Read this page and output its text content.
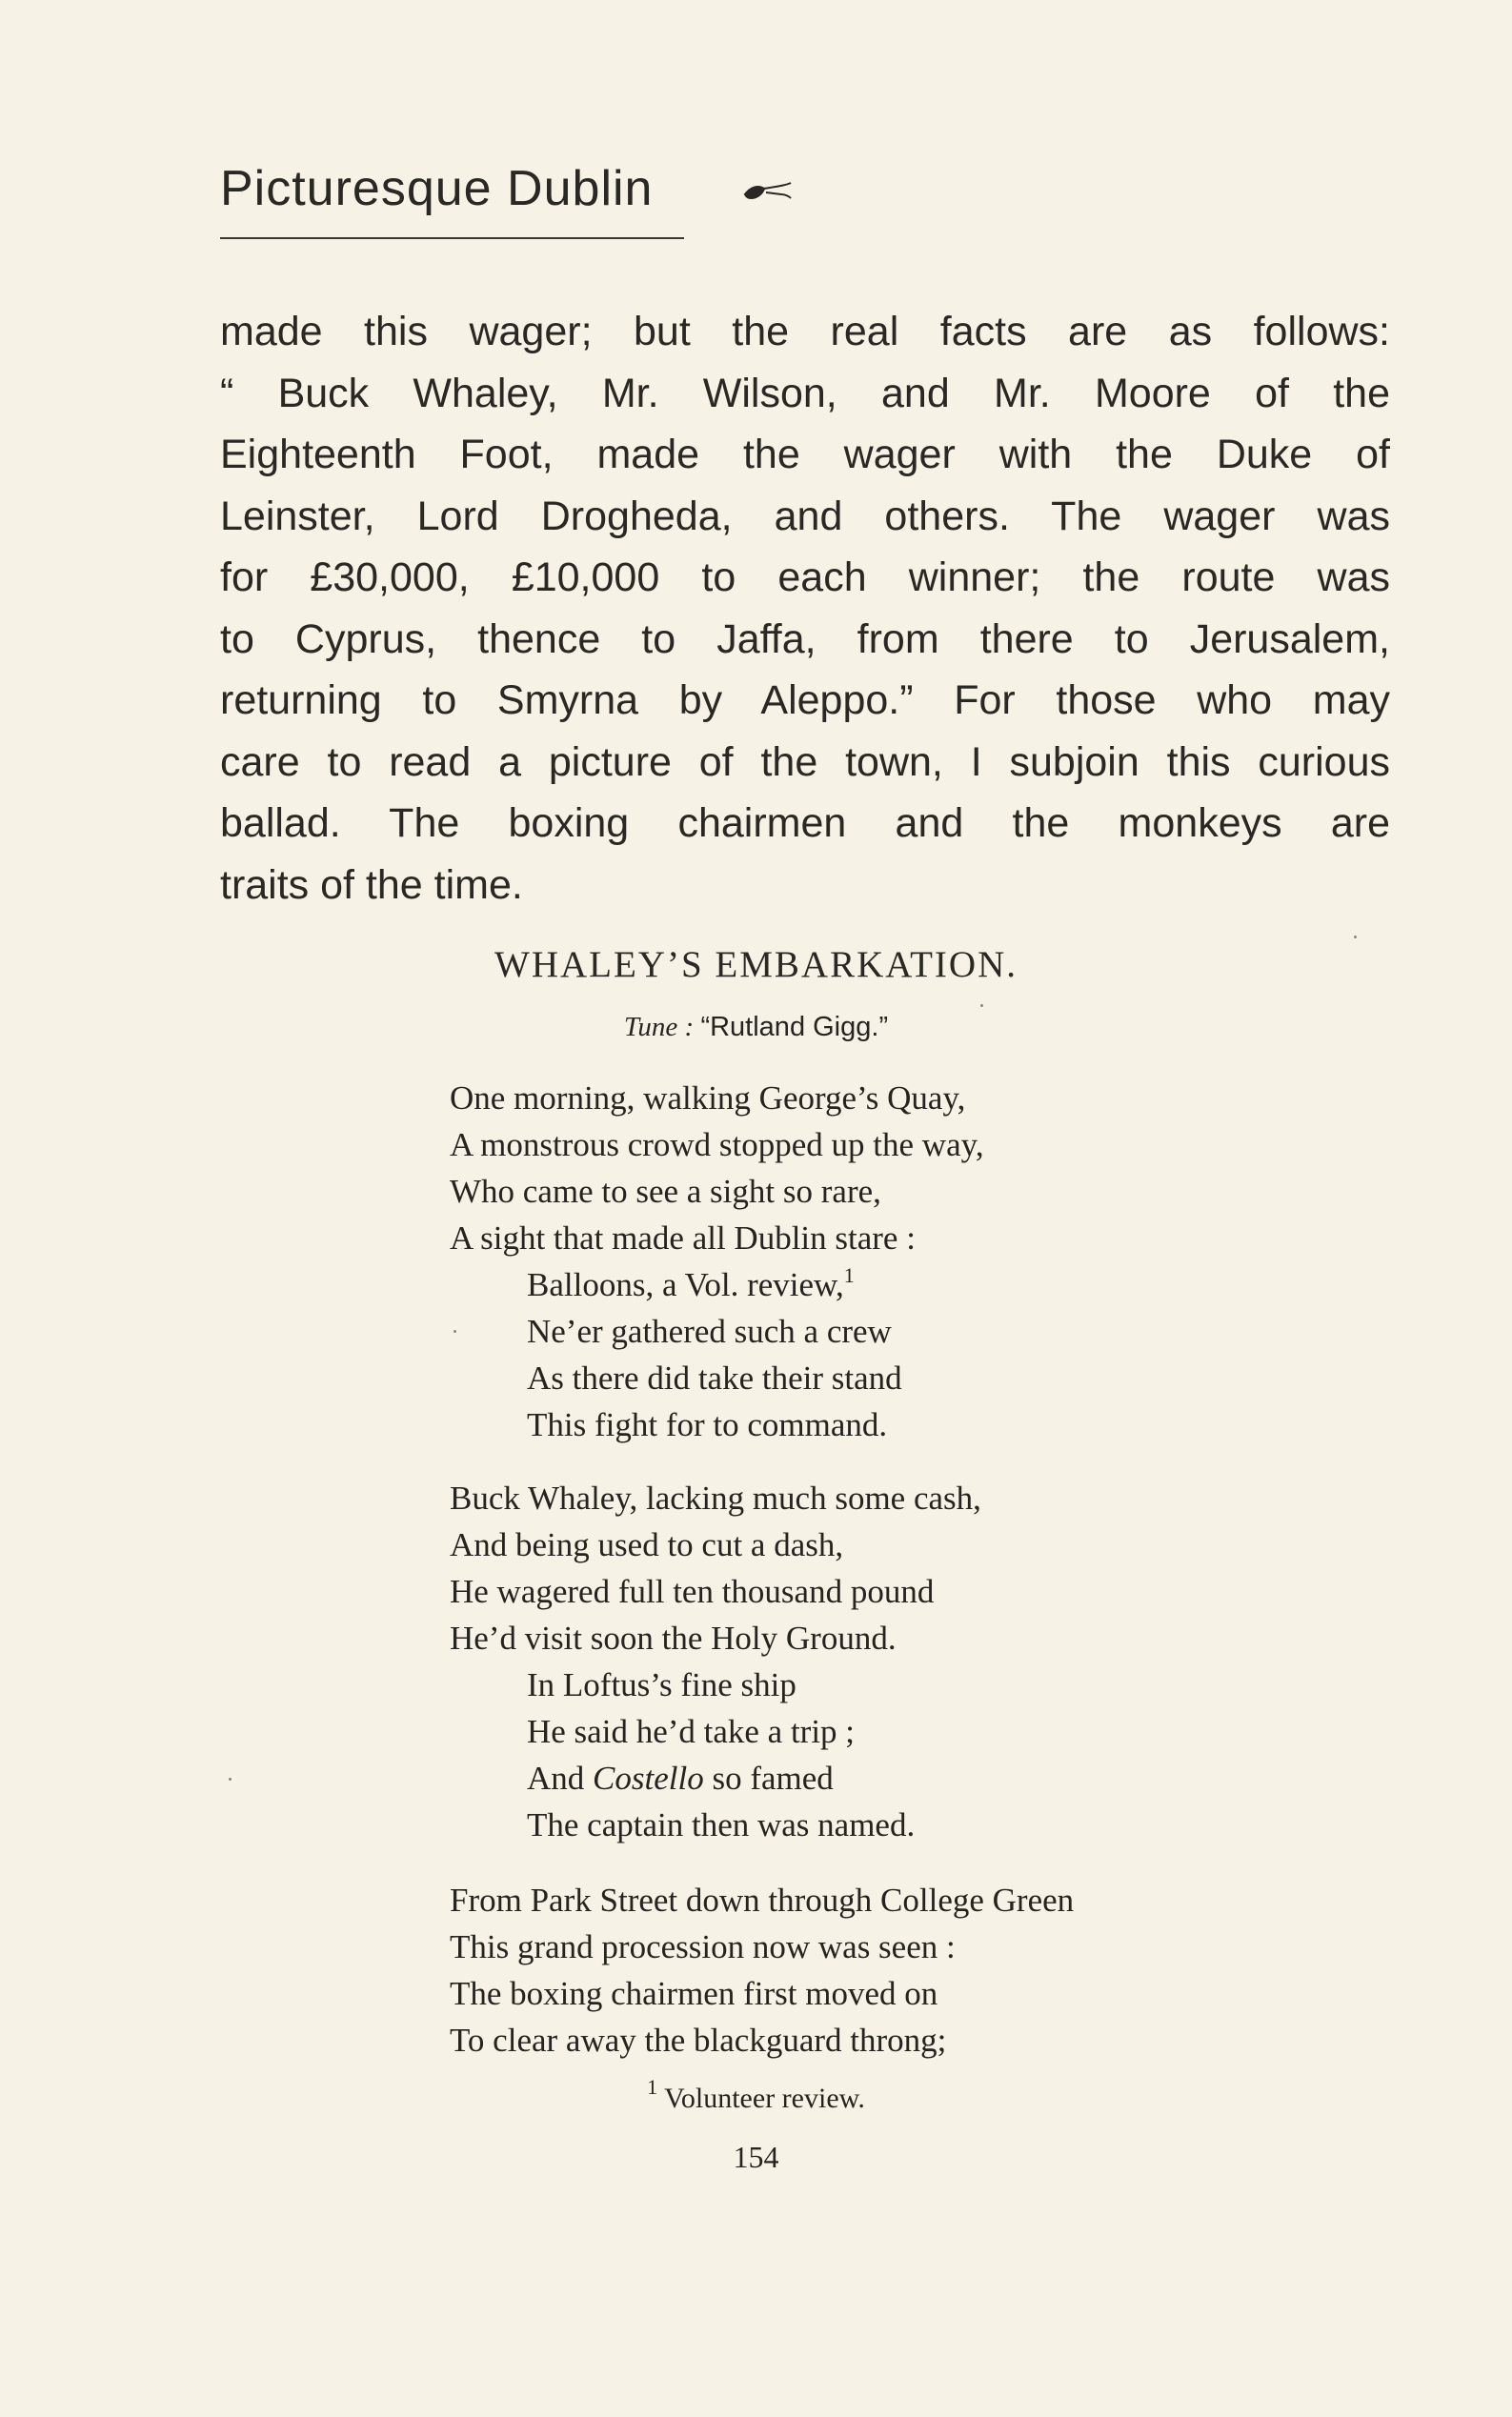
Picturesque Dublin
made this wager; but the real facts are as follows:
“ Buck Whaley, Mr. Wilson, and Mr. Moore of the
Eighteenth Foot, made the wager with the Duke of
Leinster, Lord Drogheda, and others. The wager was
for £30,000, £10,000 to each winner; the route was
to Cyprus, thence to Jaffa, from there to Jerusalem,
returning to Smyrna by Aleppo.” For those who may
care to read a picture of the town, I subjoin this curious
ballad. The boxing chairmen and the monkeys are
traits of the time.
WHALEY’S EMBARKATION.
Tune : “Rutland Gigg.”
One morning, walking George’s Quay,
A monstrous crowd stopped up the way,
Who came to see a sight so rare,
A sight that made all Dublin stare :
Balloons, a Vol. review,$^1$
Ne’er gathered such a crew
As there did take their stand
This fight for to command.
Buck Whaley, lacking much some cash,
And being used to cut a dash,
He wagered full ten thousand pound
He’d visit soon the Holy Ground.
In Loftus’s fine ship
He said he’d take a trip ;
And Costello so famed
The captain then was named.
From Park Street down through College Green
This grand procession now was seen :
The boxing chairmen first moved on
To clear away the blackguard throng;
$^1$ Volunteer review.
154
